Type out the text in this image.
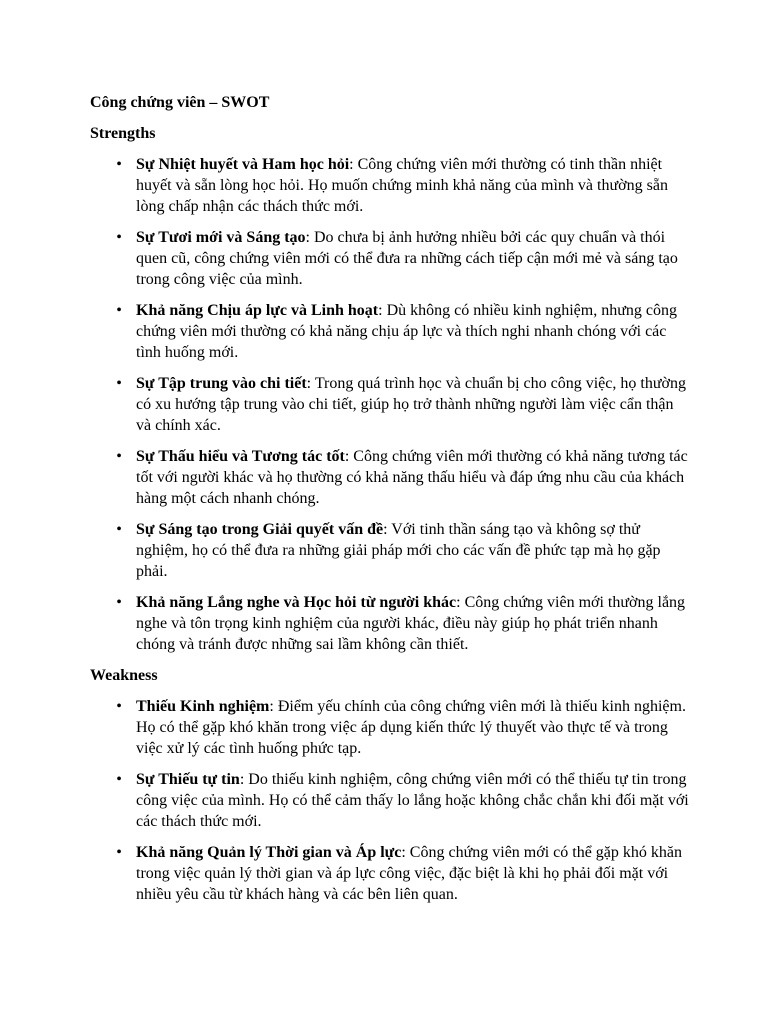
Công chứng viên – SWOT
Strengths
• Sự Nhiệt huyết và Ham học hỏi: Công chứng viên mới thường có tinh thần nhiệt huyết và sẵn lòng học hỏi. Họ muốn chứng minh khả năng của mình và thường sẵn lòng chấp nhận các thách thức mới.
• Sự Tươi mới và Sáng tạo: Do chưa bị ảnh hưởng nhiều bởi các quy chuẩn và thói quen cũ, công chứng viên mới có thể đưa ra những cách tiếp cận mới mẻ và sáng tạo trong công việc của mình.
• Khả năng Chịu áp lực và Linh hoạt: Dù không có nhiều kinh nghiệm, nhưng công chứng viên mới thường có khả năng chịu áp lực và thích nghi nhanh chóng với các tình huống mới.
• Sự Tập trung vào chi tiết: Trong quá trình học và chuẩn bị cho công việc, họ thường có xu hướng tập trung vào chi tiết, giúp họ trở thành những người làm việc cẩn thận và chính xác.
• Sự Thấu hiểu và Tương tác tốt: Công chứng viên mới thường có khả năng tương tác tốt với người khác và họ thường có khả năng thấu hiểu và đáp ứng nhu cầu của khách hàng một cách nhanh chóng.
• Sự Sáng tạo trong Giải quyết vấn đề: Với tinh thần sáng tạo và không sợ thử nghiệm, họ có thể đưa ra những giải pháp mới cho các vấn đề phức tạp mà họ gặp phải.
• Khả năng Lắng nghe và Học hỏi từ người khác: Công chứng viên mới thường lắng nghe và tôn trọng kinh nghiệm của người khác, điều này giúp họ phát triển nhanh chóng và tránh được những sai lầm không cần thiết.
Weakness
• Thiếu Kinh nghiệm: Điểm yếu chính của công chứng viên mới là thiếu kinh nghiệm. Họ có thể gặp khó khăn trong việc áp dụng kiến thức lý thuyết vào thực tế và trong việc xử lý các tình huống phức tạp.
• Sự Thiếu tự tin: Do thiếu kinh nghiệm, công chứng viên mới có thể thiếu tự tin trong công việc của mình. Họ có thể cảm thấy lo lắng hoặc không chắc chắn khi đối mặt với các thách thức mới.
• Khả năng Quản lý Thời gian và Áp lực: Công chứng viên mới có thể gặp khó khăn trong việc quản lý thời gian và áp lực công việc, đặc biệt là khi họ phải đối mặt với nhiều yêu cầu từ khách hàng và các bên liên quan.
